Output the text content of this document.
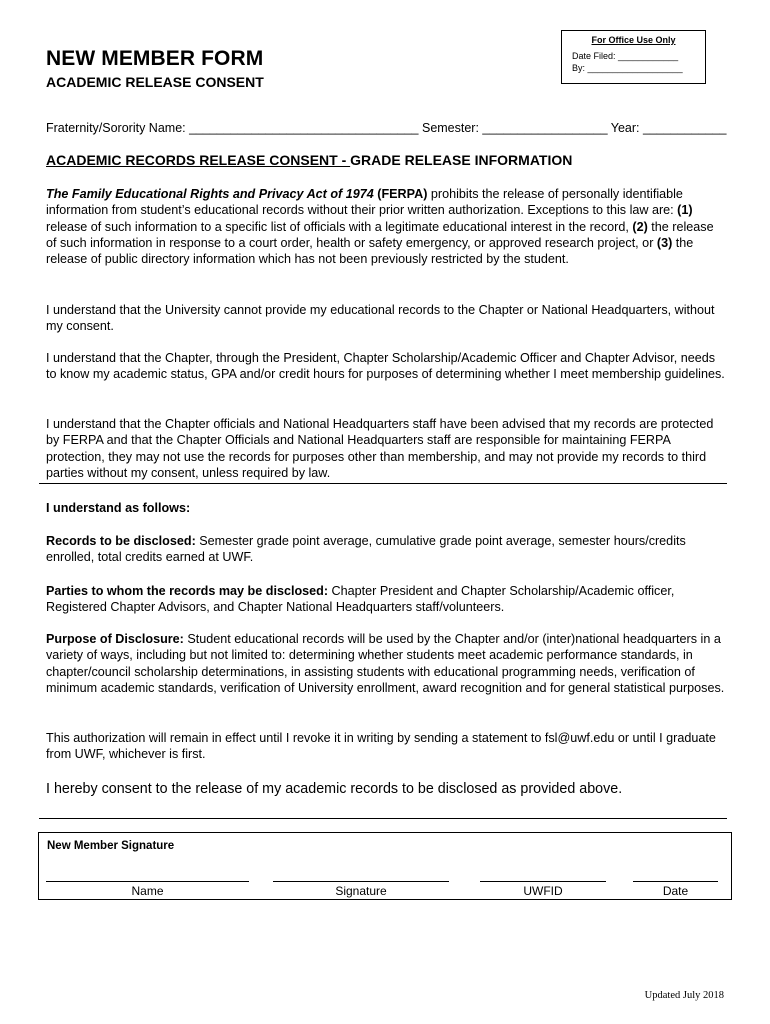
For Office Use Only
Date Filed: ____________
By: ___________________
NEW MEMBER FORM
ACADEMIC RELEASE CONSENT
Fraternity/Sorority Name: _________________________________ Semester: __________________ Year: ____________
ACADEMIC RECORDS RELEASE CONSENT - GRADE RELEASE INFORMATION
The Family Educational Rights and Privacy Act of 1974 (FERPA) prohibits the release of personally identifiable information from student’s educational records without their prior written authorization. Exceptions to this law are: (1) release of such information to a specific list of officials with a legitimate educational interest in the record, (2) the release of such information in response to a court order, health or safety emergency, or approved research project, or (3) the release of public directory information which has not been previously restricted by the student.
I understand that the University cannot provide my educational records to the Chapter or National Headquarters, without my consent.
I understand that the Chapter, through the President, Chapter Scholarship/Academic Officer and Chapter Advisor, needs to know my academic status, GPA and/or credit hours for purposes of determining whether I meet membership guidelines.
I understand that the Chapter officials and National Headquarters staff have been advised that my records are protected by FERPA and that the Chapter Officials and National Headquarters staff are responsible for maintaining FERPA protection, they may not use the records for purposes other than membership, and may not provide my records to third parties without my consent, unless required by law.
I understand as follows:
Records to be disclosed: Semester grade point average, cumulative grade point average, semester hours/credits enrolled, total credits earned at UWF.
Parties to whom the records may be disclosed: Chapter President and Chapter Scholarship/Academic officer, Registered Chapter Advisors, and Chapter National Headquarters staff/volunteers.
Purpose of Disclosure: Student educational records will be used by the Chapter and/or (inter)national headquarters in a variety of ways, including but not limited to: determining whether students meet academic performance standards, in chapter/council scholarship determinations, in assisting students with educational programming needs, verification of minimum academic standards, verification of University enrollment, award recognition and for general statistical purposes.
This authorization will remain in effect until I revoke it in writing by sending a statement to fsl@uwf.edu or until I graduate from UWF, whichever is first.
I hereby consent to the release of my academic records to be disclosed as provided above.
New Member Signature
Name	Signature	UWFID	Date
Updated July 2018
